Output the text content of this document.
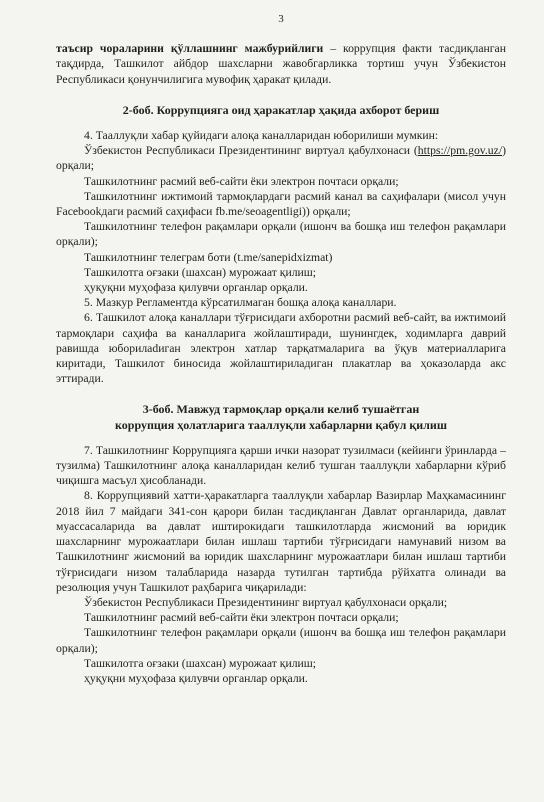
3

таъсир чораларини қўллашнинг мажбурийлиги – коррупция факти тасдиқланган тақдирда, Ташкилот айбдор шахсларни жавобгарликка тортиш учун Ўзбекистон Республикаси қонунчилигига мувофиқ ҳаракат қилади.

2-боб. Коррупцияга оид ҳаракатлар ҳақида ахборот бериш

4. Тааллуқли хабар қуйидаги алоқа каналларидан юборилиши мумкин:

Ўзбекистон Республикаси Президентининг виртуал қабулхонаси (https://pm.gov.uz/) орқали;

Ташкилотнинг расмий веб-сайти ёки электрон почтаси орқали;

Ташкилотнинг ижтимоий тармоқлардаги расмий канал ва саҳифалари (мисол учун Facebookдаги расмий саҳифаси fb.me/seoagentligi)) орқали;

Ташкилотнинг телефон рақамлари орқали (ишонч ва бошқа иш телефон рақамлари орқали);

Ташкилотнинг телеграм боти (t.me/sanepidxizmat)

Ташкилотга оғзаки (шахсан) мурожаат қилиш;

ҳуқуқни муҳофаза қилувчи органлар орқали.

5. Мазкур Регламентда кўрсатилмаган бошқа алоқа каналлари.

6. Ташкилот алоқа каналлари тўғрисидаги ахборотни расмий веб-сайт, ва ижтимоий тармоқлари саҳифа ва каналларига жойлаштиради, шунингдек, ходимларга даврий равишда юборилadиган электрон хатлар тарқатмаларига ва ўқув материалларига киритади, Ташкилот биносида жойлаштириладиган плакатлар ва ҳоказоларда акс эттиради.

3-боб. Мавжуд тармоқлар орқали келиб тушаётган

коррупция ҳолатларига тааллуқли хабарларни қабул қилиш

7. Ташкилотнинг Коррупцияга қарши ички назорат тузилмаси (кейинги ўринларда –тузилма) Ташкилотнинг алоқа каналларидан келиб тушган тааллуқли хабарларни кўриб чиқишга масъул ҳисобланади.

8. Коррупциявий хатти-ҳаракатларга тааллуқли хабарлар Вазирлар Маҳкамасининг 2018 йил 7 майдаги 341-сон қарори билан тасдиқланган Давлат органларида, давлат муассасаларида ва давлат иштирокидаги ташкилотларда жисмоний ва юридик шахсларнинг мурожаатлари билан ишлаш тартиби тўғрисидаги намунавий низом ва Ташкилотнинг жисмоний ва юридик шахсларнинг мурожаатлари билан ишлаш тартиби тўғрисидаги низом талабларида назарда тутилган тартибда рўйхатга олинади ва резолюция учун Ташкилот раҳбарига чиқарилади:

Ўзбекистон Республикаси Президентининг виртуал қабулхонаси орқали;

Ташкилотнинг расмий веб-сайти ёки электрон почтаси орқали;

Ташкилотнинг телефон рақамлари орқали (ишонч ва бошқа иш телефон рақамлари орқали);

Ташкилотга оғзаки (шахсан) мурожаат қилиш;

ҳуқуқни муҳофаза қилувчи органлар орқали.
